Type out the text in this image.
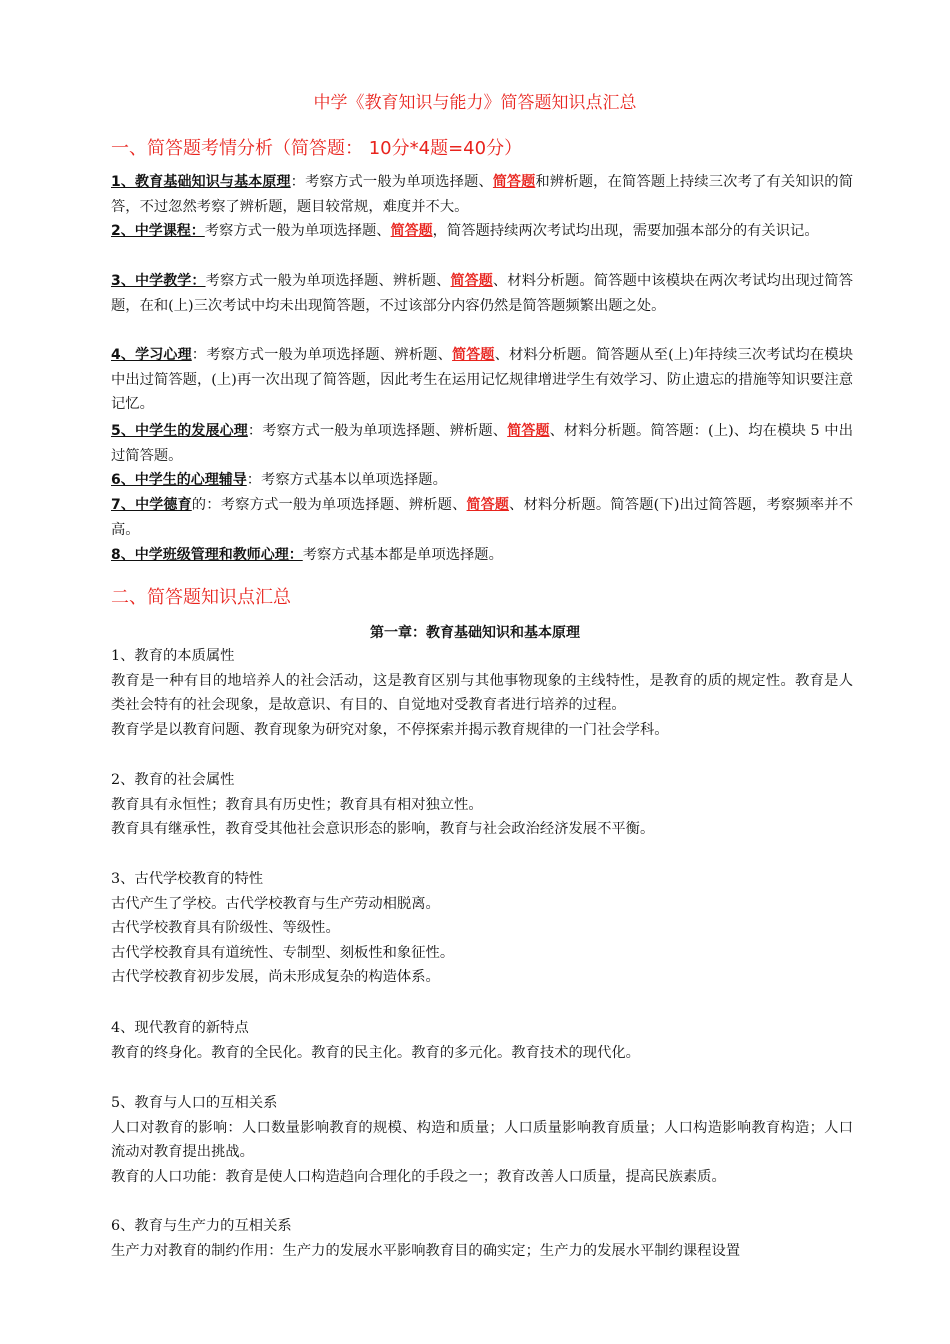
中学《教育知识与能力》简答题知识点汇总
一、简答题考情分析（简答题： 10分*4题=40分）
1、教育基础知识与基本原理：考察方式一般为单项选择题、简答题和辨析题，在简答题上持续三次考了有关知识的简答，不过忽然考察了辨析题，题目较常规，难度并不大。
2、中学课程：考察方式一般为单项选择题、简答题，简答题持续两次考试均出现，需要加强本部分的有关识记。
3、中学教学：考察方式一般为单项选择题、辨析题、简答题、材料分析题。简答题中该模块在两次考试均出现过简答题，在和(上)三次考试中均未出现简答题，不过该部分内容仍然是简答题频繁出题之处。
4、学习心理：考察方式一般为单项选择题、辨析题、简答题、材料分析题。简答题从至(上)年持续三次考试均在模块中出过简答题，(上)再一次出现了简答题，因此考生在运用记忆规律增进学生有效学习、防止遗忘的措施等知识要注意记忆。
5、中学生的发展心理：考察方式一般为单项选择题、辨析题、简答题、材料分析题。简答题：(上)、均在模块 5 中出过简答题。
6、中学生的心理辅导：考察方式基本以单项选择题。
7、中学德育的：考察方式一般为单项选择题、辨析题、简答题、材料分析题。简答题(下)出过简答题，考察频率并不高。
8、中学班级管理和教师心理：考察方式基本都是单项选择题。
二、简答题知识点汇总
第一章：教育基础知识和基本原理
1、教育的本质属性
教育是一种有目的地培养人的社会活动，这是教育区别与其他事物现象的主线特性，是教育的质的规定性。教育是人类社会特有的社会现象，是故意识、有目的、自觉地对受教育者进行培养的过程。
教育学是以教育问题、教育现象为研究对象，不停探索并揭示教育规律的一门社会学科。
2、教育的社会属性
教育具有永恒性；教育具有历史性；教育具有相对独立性。
教育具有继承性，教育受其他社会意识形态的影响，教育与社会政治经济发展不平衡。
3、古代学校教育的特性
古代产生了学校。古代学校教育与生产劳动相脱离。
古代学校教育具有阶级性、等级性。
古代学校教育具有道统性、专制型、刻板性和象征性。
古代学校教育初步发展，尚未形成复杂的构造体系。
4、现代教育的新特点
教育的终身化。教育的全民化。教育的民主化。教育的多元化。教育技术的现代化。
5、教育与人口的互相关系
人口对教育的影响：人口数量影响教育的规模、构造和质量；人口质量影响教育质量；人口构造影响教育构造；人口流动对教育提出挑战。
教育的人口功能：教育是使人口构造趋向合理化的手段之一；教育改善人口质量，提高民族素质。
6、教育与生产力的互相关系
生产力对教育的制约作用：生产力的发展水平影响教育目的确实定；生产力的发展水平制约课程设置
